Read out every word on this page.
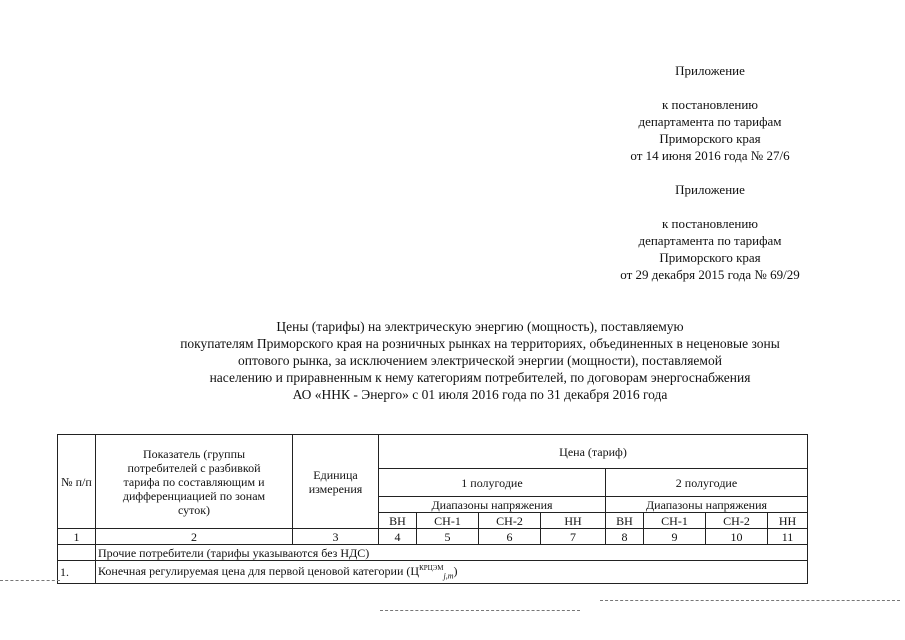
Приложение
к постановлению
департамента по тарифам
Приморского края
от 14 июня 2016 года № 27/6
Приложение
к постановлению
департамента по тарифам
Приморского края
от 29 декабря 2015 года № 69/29
Цены (тарифы) на электрическую энергию (мощность), поставляемую
покупателям Приморского края на розничных рынках на территориях, объединенных в неценовые зоны
оптового рынка, за исключением электрической энергии (мощности), поставляемой
населению и приравненным к нему категориям потребителей, по договорам энергоснабжения
АО «ННК - Энерго» с 01 июля 2016 года по 31 декабря 2016 года
№ п/п	Показатель (группы потребителей с разбивкой тарифа по составляющим и дифференциацией по зонам суток)	Единица измерения	Цена (тариф)							
			1 полугодие				2 полугодие			
			Диапазоны напряжения				Диапазоны напряжения			
			ВН	СН-1	СН-2	НН	ВН	СН-1	СН-2	НН
1	2	3	4	5	6	7	8	9	10	11
	Прочие потребители (тарифы указываются без НДС)									
1.	Конечная регулируемая цена для первой ценовой категории $(Ц^{КРЦЭМ}_{j,m})$									
